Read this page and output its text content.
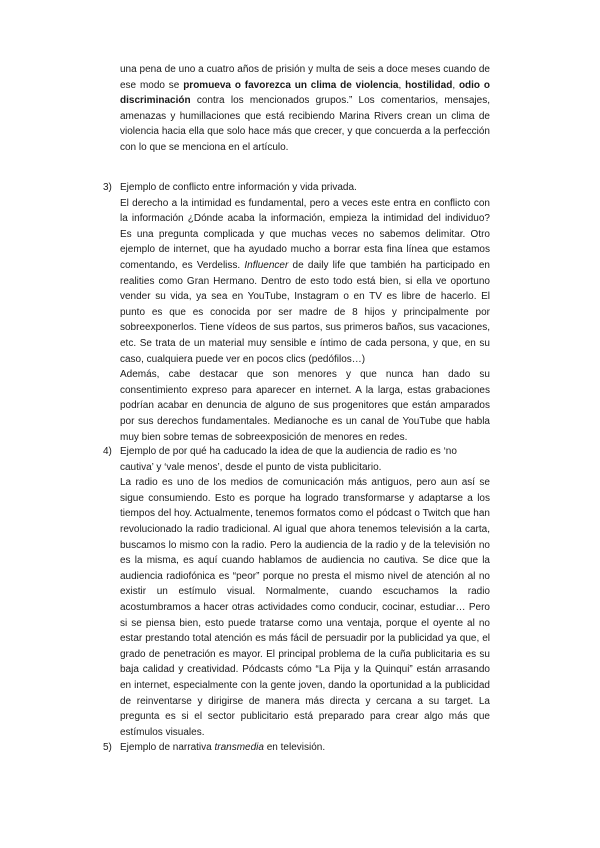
una pena de uno a cuatro años de prisión y multa de seis a doce meses cuando de ese modo se promueva o favorezca un clima de violencia, hostilidad, odio o discriminación contra los mencionados grupos.” Los comentarios, mensajes, amenazas y humillaciones que está recibiendo Marina Rivers crean un clima de violencia hacia ella que solo hace más que crecer, y que concuerda a la perfección con lo que se menciona en el artículo.

3) Ejemplo de conflicto entre información y vida privada.
El derecho a la intimidad es fundamental, pero a veces este entra en conflicto con la información ¿Dónde acaba la información, empieza la intimidad del individuo? Es una pregunta complicada y que muchas veces no sabemos delimitar. Otro ejemplo de internet, que ha ayudado mucho a borrar esta fina línea que estamos comentando, es Verdeliss. Influencer de daily life que también ha participado en realities como Gran Hermano. Dentro de esto todo está bien, si ella ve oportuno vender su vida, ya sea en YouTube, Instagram o en TV es libre de hacerlo. El punto es que es conocida por ser madre de 8 hijos y principalmente por sobreexponerlos. Tiene vídeos de sus partos, sus primeros baños, sus vacaciones, etc. Se trata de un material muy sensible e íntimo de cada persona, y que, en su caso, cualquiera puede ver en pocos clics (pedófilos…)
Además, cabe destacar que son menores y que nunca han dado su consentimiento expreso para aparecer en internet. A la larga, estas grabaciones podrían acabar en denuncia de alguno de sus progenitores que están amparados por sus derechos fundamentales. Medianoche es un canal de YouTube que habla muy bien sobre temas de sobreexposición de menores en redes.
4) Ejemplo de por qué ha caducado la idea de que la audiencia de radio es ‘no cautiva’ y ‘vale menos’, desde el punto de vista publicitario.
La radio es uno de los medios de comunicación más antiguos, pero aun así se sigue consumiendo. Esto es porque ha logrado transformarse y adaptarse a los tiempos del hoy. Actualmente, tenemos formatos como el pódcast o Twitch que han revolucionado la radio tradicional. Al igual que ahora tenemos televisión a la carta, buscamos lo mismo con la radio. Pero la audiencia de la radio y de la televisión no es la misma, es aquí cuando hablamos de audiencia no cautiva. Se dice que la audiencia radiofónica es “peor” porque no presta el mismo nivel de atención al no existir un estímulo visual. Normalmente, cuando escuchamos la radio acostumbramos a hacer otras actividades como conducir, cocinar, estudiar… Pero si se piensa bien, esto puede tratarse como una ventaja, porque el oyente al no estar prestando total atención es más fácil de persuadir por la publicidad ya que, el grado de penetración es mayor. El principal problema de la cuña publicitaria es su baja calidad y creatividad. Pódcasts cómo “La Pija y la Quinqui” están arrasando en internet, especialmente con la gente joven, dando la oportunidad a la publicidad de reinventarse y dirigirse de manera más directa y cercana a su target. La pregunta es si el sector publicitario está preparado para crear algo más que estímulos visuales.
5) Ejemplo de narrativa transmedia en televisión.
